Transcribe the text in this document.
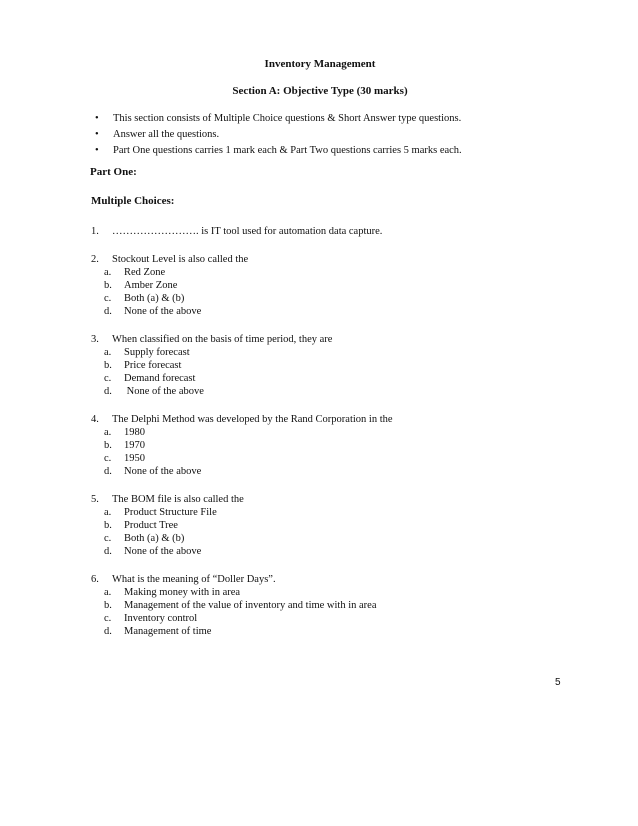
Inventory Management
Section A: Objective Type (30 marks)
• This section consists of Multiple Choice questions & Short Answer type questions.
• Answer all the questions.
• Part One questions carries 1 mark each & Part Two questions carries 5 marks each.
Part One:
Multiple Choices:
1. ……………………. is IT tool used for automation data capture.
2. Stockout Level is also called the
a. Red Zone
b. Amber Zone
c. Both (a) & (b)
d. None of the above
3. When classified on the basis of time period, they are
a. Supply forecast
b. Price forecast
c. Demand forecast
d. None of the above
4. The Delphi Method was developed by the Rand Corporation in the
a. 1980
b. 1970
c. 1950
d. None of the above
5. The BOM file is also called the
a. Product Structure File
b. Product Tree
c. Both (a) & (b)
d. None of the above
6. What is the meaning of “Doller Days”.
a. Making money with in area
b. Management of the value of inventory and time with in area
c. Inventory control
d. Management of time
5
